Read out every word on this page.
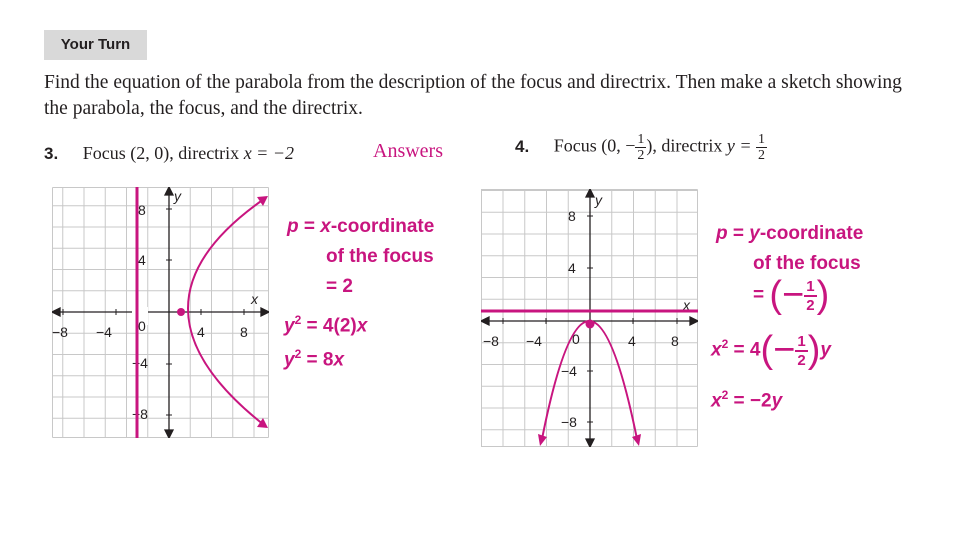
Your Turn
Find the equation of the parabola from the description of the focus and directrix. Then make a sketch showing the parabola, the focus, and the directrix.
3. Focus (2, 0), directrix x = −2	Answers	4. Focus (0, − $\frac{1}{2}$ ), directrix $y = \frac{1}{2}$
−8 −4 0	4	8
8
4
−4
−8
x
y
−8 −4 0	4	8
8
4
−4
−8
x
y
p = x-coordinate
of the focus
= 2
$y^2 = 4(2)x$
$y^2 = 8x$
p = y-coordinate
of the focus
= (− $\frac{1}{2}$ )
$x^2 = 4(- \frac{1}{2} )y$
$x^2 = -2y$
